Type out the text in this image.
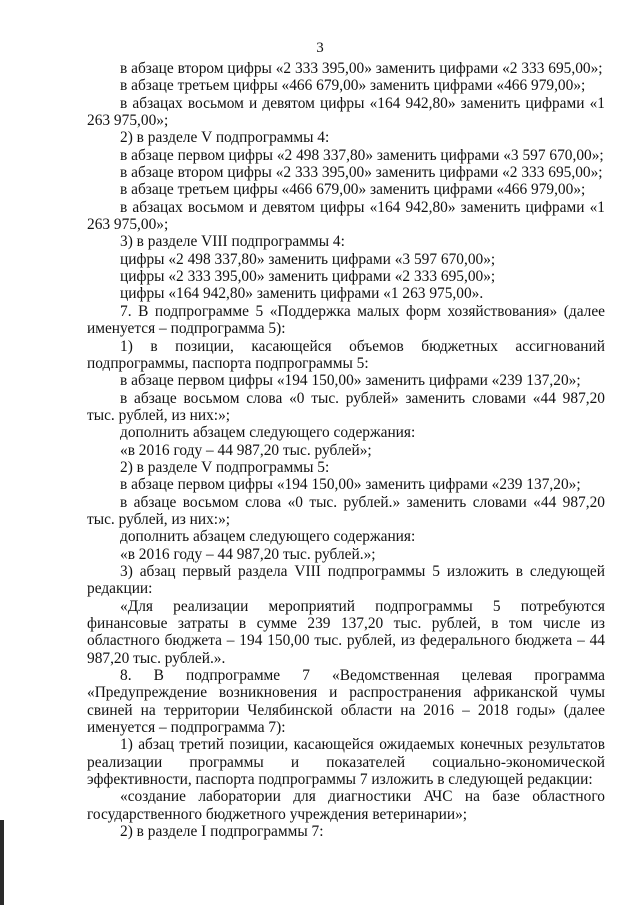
3

в абзаце втором цифры «2 333 395,00» заменить цифрами «2 333 695,00»;

в абзаце третьем цифры «466 679,00» заменить цифрами «466 979,00»;

в абзацах восьмом и девятом цифры «164 942,80» заменить цифрами «1 263 975,00»;

2) в разделе V подпрограммы 4:

в абзаце первом цифры «2 498 337,80» заменить цифрами «3 597 670,00»;

в абзаце втором цифры «2 333 395,00» заменить цифрами «2 333 695,00»;

в абзаце третьем цифры «466 679,00» заменить цифрами «466 979,00»;

в абзацах восьмом и девятом цифры «164 942,80» заменить цифрами «1 263 975,00»;

3) в разделе VIII подпрограммы 4:

цифры «2 498 337,80» заменить цифрами «3 597 670,00»;

цифры «2 333 395,00» заменить цифрами «2 333 695,00»;

цифры «164 942,80» заменить цифрами «1 263 975,00».

7. В подпрограмме 5 «Поддержка малых форм хозяйствования» (далее именуется – подпрограмма 5):

1) в позиции, касающейся объемов бюджетных ассигнований подпрограммы, паспорта подпрограммы 5:

в абзаце первом цифры «194 150,00» заменить цифрами «239 137,20»;

в абзаце восьмом слова «0 тыс. рублей» заменить словами «44 987,20 тыс. рублей, из них:»;

дополнить абзацем следующего содержания:

«в 2016 году – 44 987,20 тыс. рублей»;

2) в разделе V подпрограммы 5:

в абзаце первом цифры «194 150,00» заменить цифрами «239 137,20»;

в абзаце восьмом слова «0 тыс. рублей.» заменить словами «44 987,20 тыс. рублей, из них:»;

дополнить абзацем следующего содержания:

«в 2016 году – 44 987,20 тыс. рублей.»;

3) абзац первый раздела VIII подпрограммы 5 изложить в следующей редакции:

«Для реализации мероприятий подпрограммы 5 потребуются финансовые затраты в сумме 239 137,20 тыс. рублей, в том числе из областного бюджета – 194 150,00 тыс. рублей, из федерального бюджета – 44 987,20 тыс. рублей.».

8. В подпрограмме 7 «Ведомственная целевая программа «Предупреждение возникновения и распространения африканской чумы свиней на территории Челябинской области на 2016 – 2018 годы» (далее именуется – подпрограмма 7):

1) абзац третий позиции, касающейся ожидаемых конечных результатов реализации программы и показателей социально-экономической эффективности, паспорта подпрограммы 7 изложить в следующей редакции:

«создание лаборатории для диагностики АЧС на базе областного государственного бюджетного учреждения ветеринарии»;

2) в разделе I подпрограммы 7:
